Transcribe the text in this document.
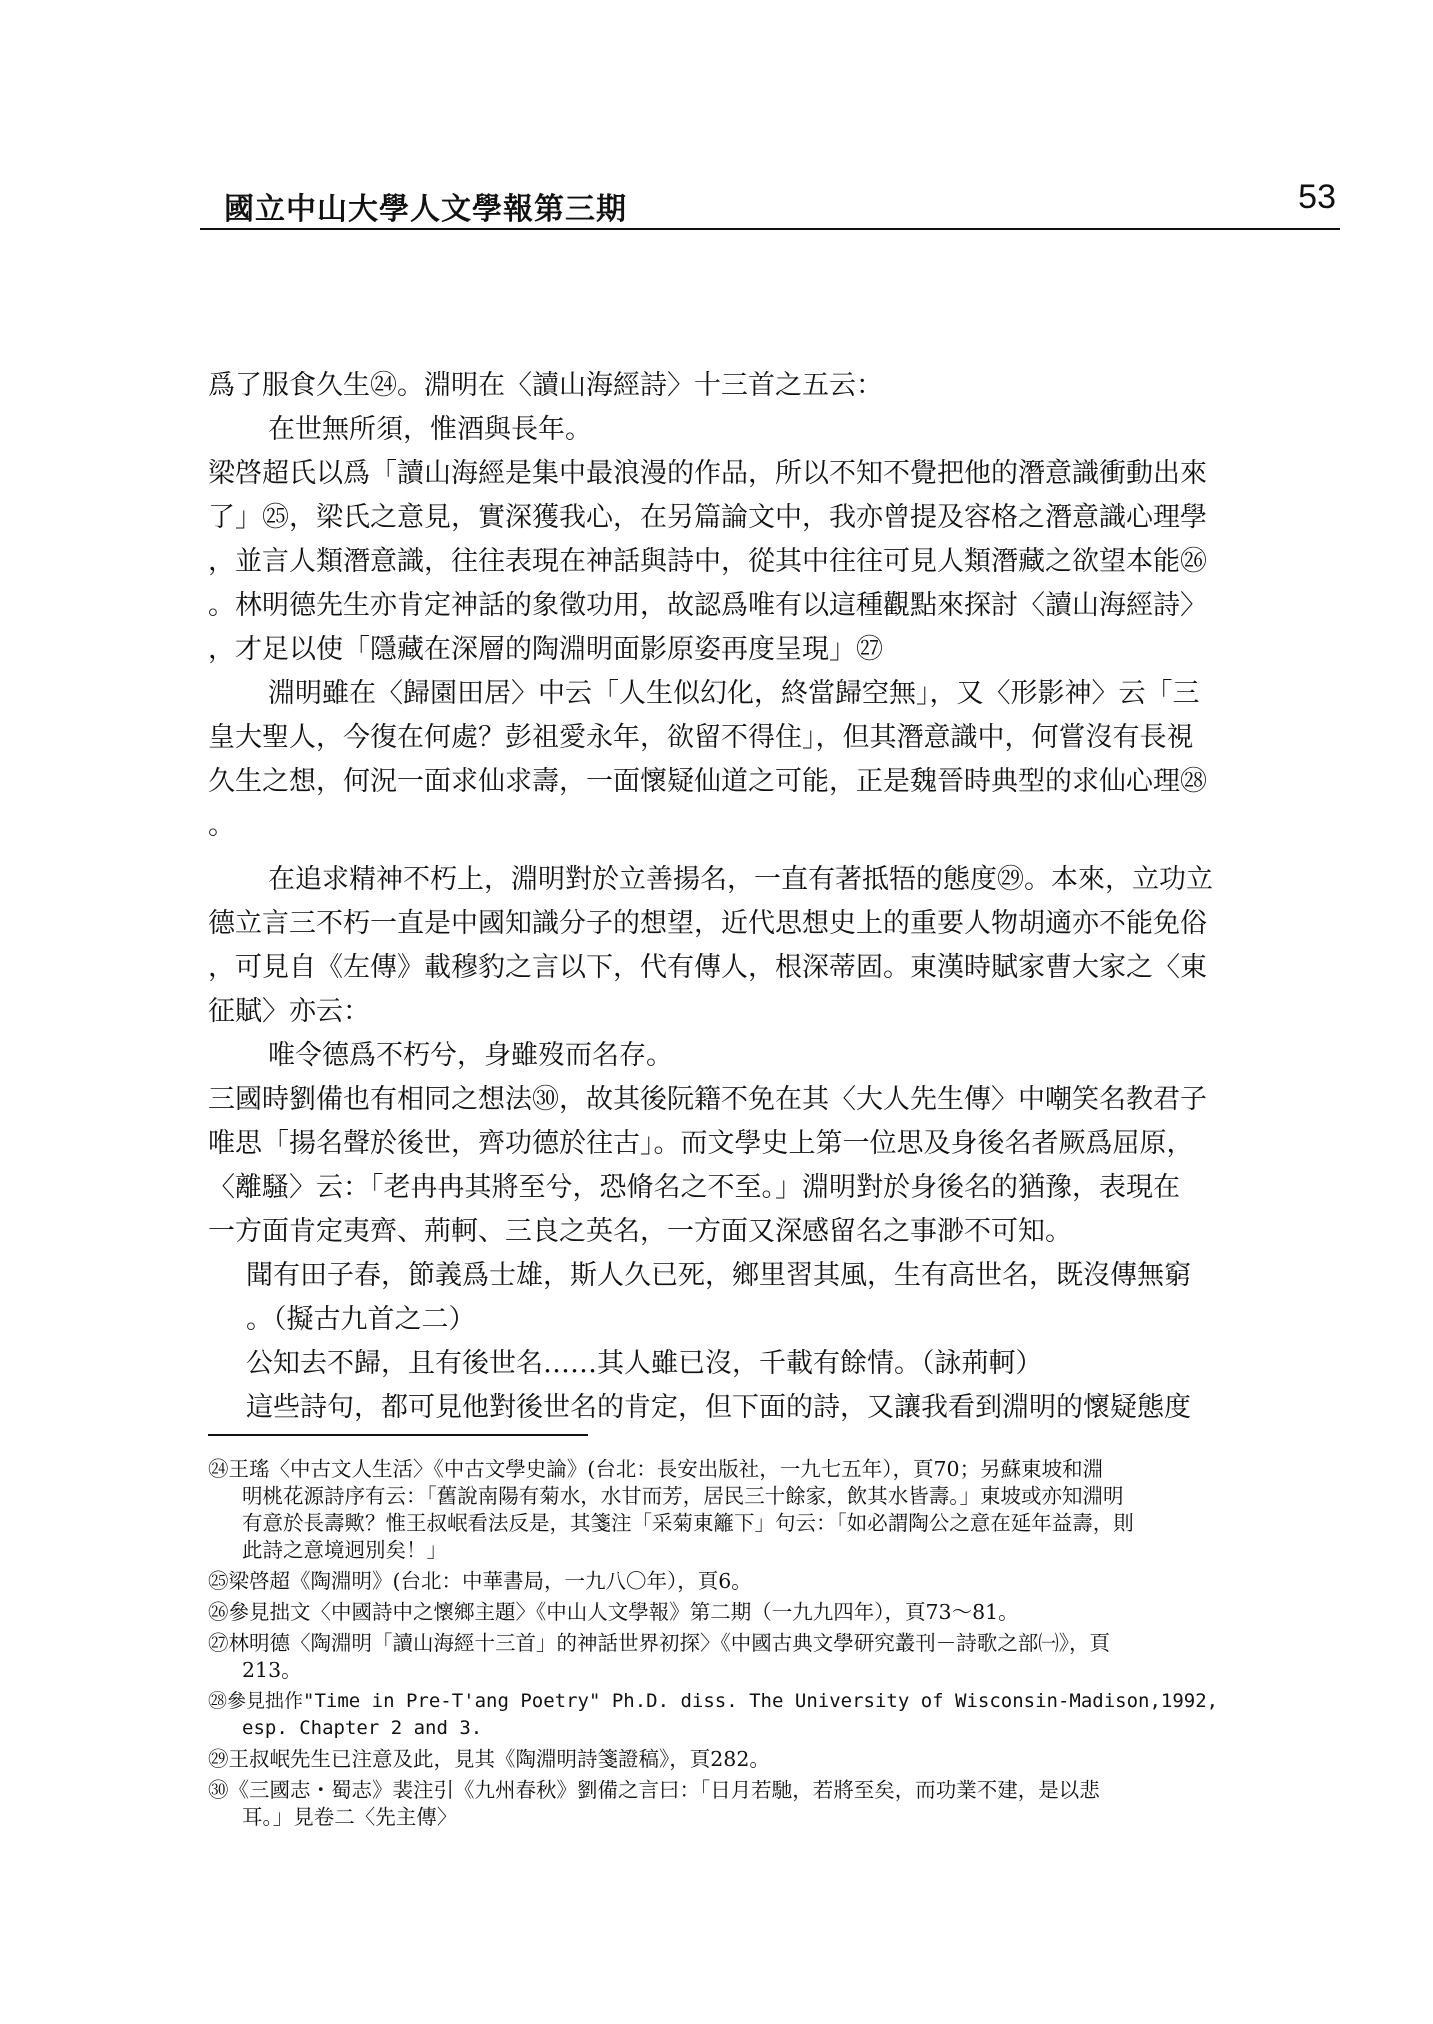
國立中山大學人文學報第三期	53
爲了服食久生㉔。淵明在〈讀山海經詩〉十三首之五云：
在世無所須，惟酒與長年。
梁啓超氏以爲「讀山海經是集中最浪漫的作品，所以不知不覺把他的潛意識衝動出來
了」㉕，梁氏之意見，實深獲我心，在另篇論文中，我亦曾提及容格之潛意識心理學
，並言人類潛意識，往往表現在神話與詩中，從其中往往可見人類潛藏之欲望本能㉖
。林明德先生亦肯定神話的象徵功用，故認爲唯有以這種觀點來探討〈讀山海經詩〉
，才足以使「隱藏在深層的陶淵明面影原姿再度呈現」㉗
淵明雖在〈歸園田居〉中云「人生似幻化，終當歸空無」，又〈形影神〉云「三
皇大聖人，今復在何處？彭祖愛永年，欲留不得住」，但其潛意識中，何嘗沒有長視
久生之想，何況一面求仙求壽，一面懷疑仙道之可能，正是魏晉時典型的求仙心理㉘
。
在追求精神不朽上，淵明對於立善揚名，一直有著抵牾的態度㉙。本來，立功立
德立言三不朽一直是中國知識分子的想望，近代思想史上的重要人物胡適亦不能免俗
，可見自《左傳》載穆豹之言以下，代有傳人，根深蒂固。東漢時賦家曹大家之〈東
征賦〉亦云：
唯令德爲不朽兮，身雖歿而名存。
三國時劉備也有相同之想法㉚，故其後阮籍不免在其〈大人先生傳〉中嘲笑名教君子
唯思「揚名聲於後世，齊功德於往古」。而文學史上第一位思及身後名者厥爲屈原，
〈離騷〉云：「老冉冉其將至兮，恐脩名之不至。」淵明對於身後名的猶豫，表現在
一方面肯定夷齊、荊軻、三良之英名，一方面又深感留名之事渺不可知。
聞有田子春，節義爲士雄，斯人久已死，鄉里習其風，生有高世名，既沒傳無窮
。（擬古九首之二）
公知去不歸，且有後世名……其人雖已沒，千載有餘情。（詠荊軻）
這些詩句，都可見他對後世名的肯定，但下面的詩，又讓我看到淵明的懷疑態度
㉔王瑤〈中古文人生活〉《中古文學史論》(台北：長安出版社，一九七五年），頁70；另蘇東坡和淵
明桃花源詩序有云：「舊說南陽有菊水，水甘而芳，居民三十餘家，飲其水皆壽。」東坡或亦知淵明
有意於長壽歟？惟王叔岷看法反是，其箋注「采菊東籬下」句云：「如必謂陶公之意在延年益壽，則
此詩之意境迥別矣！」
㉕梁啓超《陶淵明》(台北：中華書局，一九八〇年），頁6。
㉖參見拙文〈中國詩中之懷鄉主題〉《中山人文學報》第二期（一九九四年），頁73～81。
㉗林明德〈陶淵明「讀山海經十三首」的神話世界初探〉《中國古典文學研究叢刊－詩歌之部㈠》，頁
213。
㉘參見拙作"Time in Pre-T'ang Poetry" Ph.D. diss. The University of Wisconsin-Madison,1992,
esp. Chapter 2 and 3.
㉙王叔岷先生已注意及此，見其《陶淵明詩箋證稿》，頁282。
㉚《三國志・蜀志》裴注引《九州春秋》劉備之言曰：「日月若馳，若將至矣，而功業不建，是以悲
耳。」見卷二〈先主傳〉
